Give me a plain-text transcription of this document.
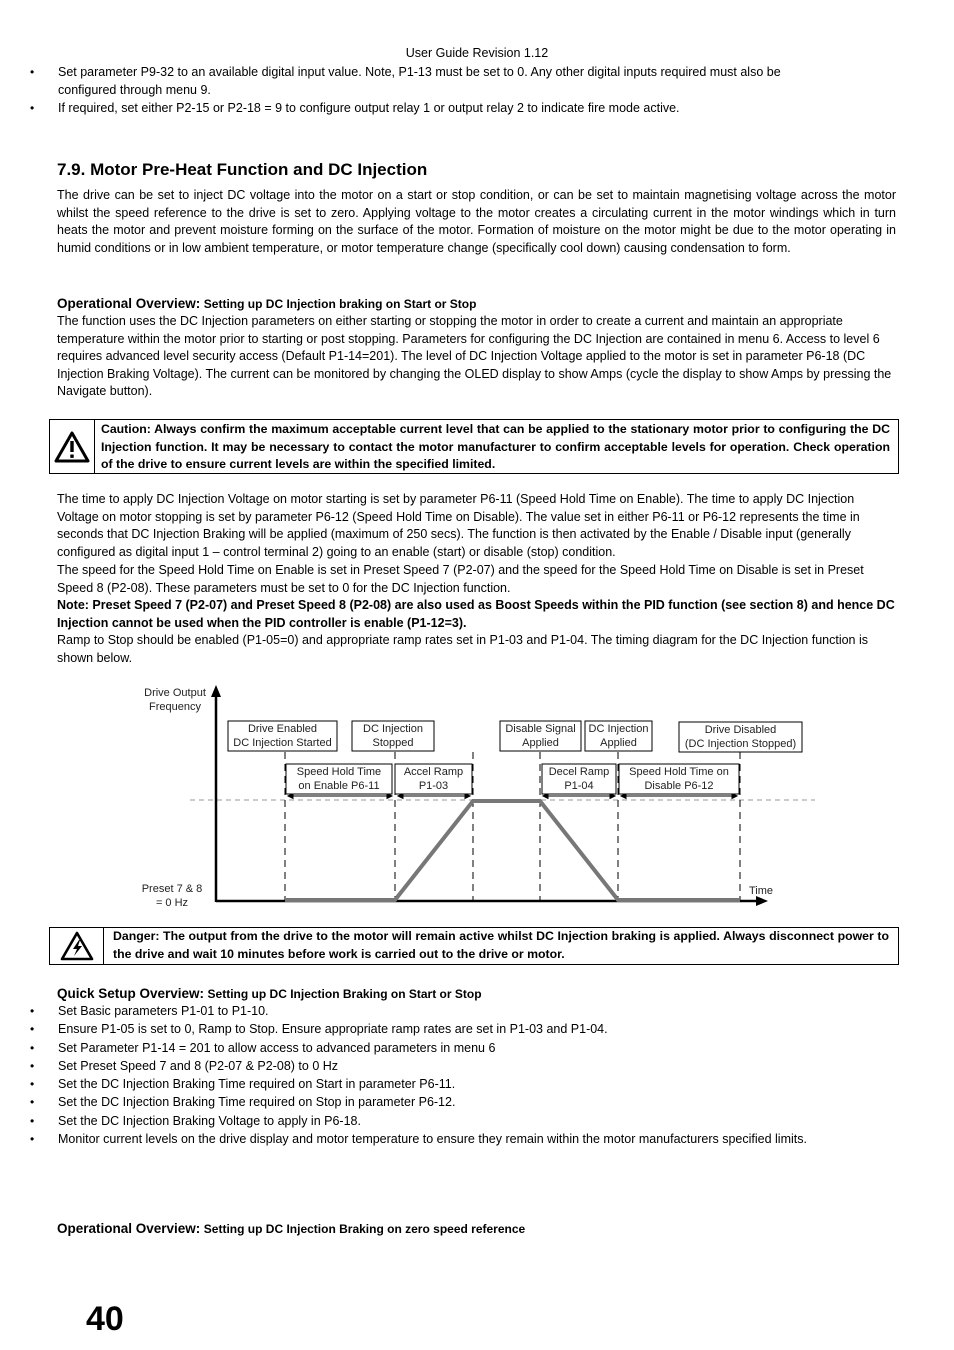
User Guide Revision 1.12
• Set parameter P9-32 to an available digital input value. Note, P1-13 must be set to 0. Any other digital inputs required must also be configured through menu 9.
• If required, set either P2-15 or P2-18 = 9 to configure output relay 1 or output relay 2 to indicate fire mode active.
7.9. Motor Pre-Heat Function and DC Injection
The drive can be set to inject DC voltage into the motor on a start or stop condition, or can be set to maintain magnetising voltage across the motor whilst the speed reference to the drive is set to zero. Applying voltage to the motor creates a circulating current in the motor windings which in turn heats the motor and prevent moisture forming on the surface of the motor. Formation of moisture on the motor might be due to the motor operating in humid conditions or in low ambient temperature, or motor temperature change (specifically cool down) causing condensation to form.
Operational Overview: Setting up DC Injection braking on Start or Stop
The function uses the DC Injection parameters on either starting or stopping the motor in order to create a current and maintain an appropriate temperature within the motor prior to starting or post stopping. Parameters for configuring the DC Injection are contained in menu 6. Access to level 6 requires advanced level security access (Default P1-14=201). The level of DC Injection Voltage applied to the motor is set in parameter P6-18 (DC Injection Braking Voltage). The current can be monitored by changing the OLED display to show Amps (cycle the display to show Amps by pressing the Navigate button).
Caution: Always confirm the maximum acceptable current level that can be applied to the stationary motor prior to configuring the DC Injection function. It may be necessary to contact the motor manufacturer to confirm acceptable levels for operation. Check operation of the drive to ensure current levels are within the specified limited.
The time to apply DC Injection Voltage on motor starting is set by parameter P6-11 (Speed Hold Time on Enable). The time to apply DC Injection Voltage on motor stopping is set by parameter P6-12 (Speed Hold Time on Disable). The value set in either P6-11 or P6-12 represents the time in seconds that DC Injection Braking will be applied (maximum of 250 secs). The function is then activated by the Enable / Disable input (generally configured as digital input 1 – control terminal 2) going to an enable (start) or disable (stop) condition.
The speed for the Speed Hold Time on Enable is set in Preset Speed 7 (P2-07) and the speed for the Speed Hold Time on Disable is set in Preset Speed 8 (P2-08). These parameters must be set to 0 for the DC Injection function.
Note: Preset Speed 7 (P2-07) and Preset Speed 8 (P2-08) are also used as Boost Speeds within the PID function (see section 8) and hence DC Injection cannot be used when the PID controller is enable (P1-12=3).
Ramp to Stop should be enabled (P1-05=0) and appropriate ramp rates set in P1-03 and P1-04. The timing diagram for the DC Injection function is shown below.
Drive Enabled
DC Injection Started
DC Injection
Stopped
Disable Signal
Applied
DC Injection
Applied
Drive Disabled
(DC Injection Stopped)
Speed Hold Time
on Enable P6-11
Accel Ramp
P1-03
Decel Ramp
P1-04
Speed Hold Time on
Disable P6-12
Drive Output
Frequency
Preset 7 & 8
= 0 Hz
Time
Danger: The output from the drive to the motor will remain active whilst DC Injection braking is applied. Always disconnect power to the drive and wait 10 minutes before work is carried out to the drive or motor.
Quick Setup Overview: Setting up DC Injection Braking on Start or Stop
• Set Basic parameters P1-01 to P1-10.
• Ensure P1-05 is set to 0, Ramp to Stop. Ensure appropriate ramp rates are set in P1-03 and P1-04.
• Set Parameter P1-14 = 201 to allow access to advanced parameters in menu 6
• Set Preset Speed 7 and 8 (P2-07 & P2-08) to 0 Hz
• Set the DC Injection Braking Time required on Start in parameter P6-11.
• Set the DC Injection Braking Time required on Stop in parameter P6-12.
• Set the DC Injection Braking Voltage to apply in P6-18.
• Monitor current levels on the drive display and motor temperature to ensure they remain within the motor manufacturers specified limits.
Operational Overview: Setting up DC Injection Braking on zero speed reference
40
